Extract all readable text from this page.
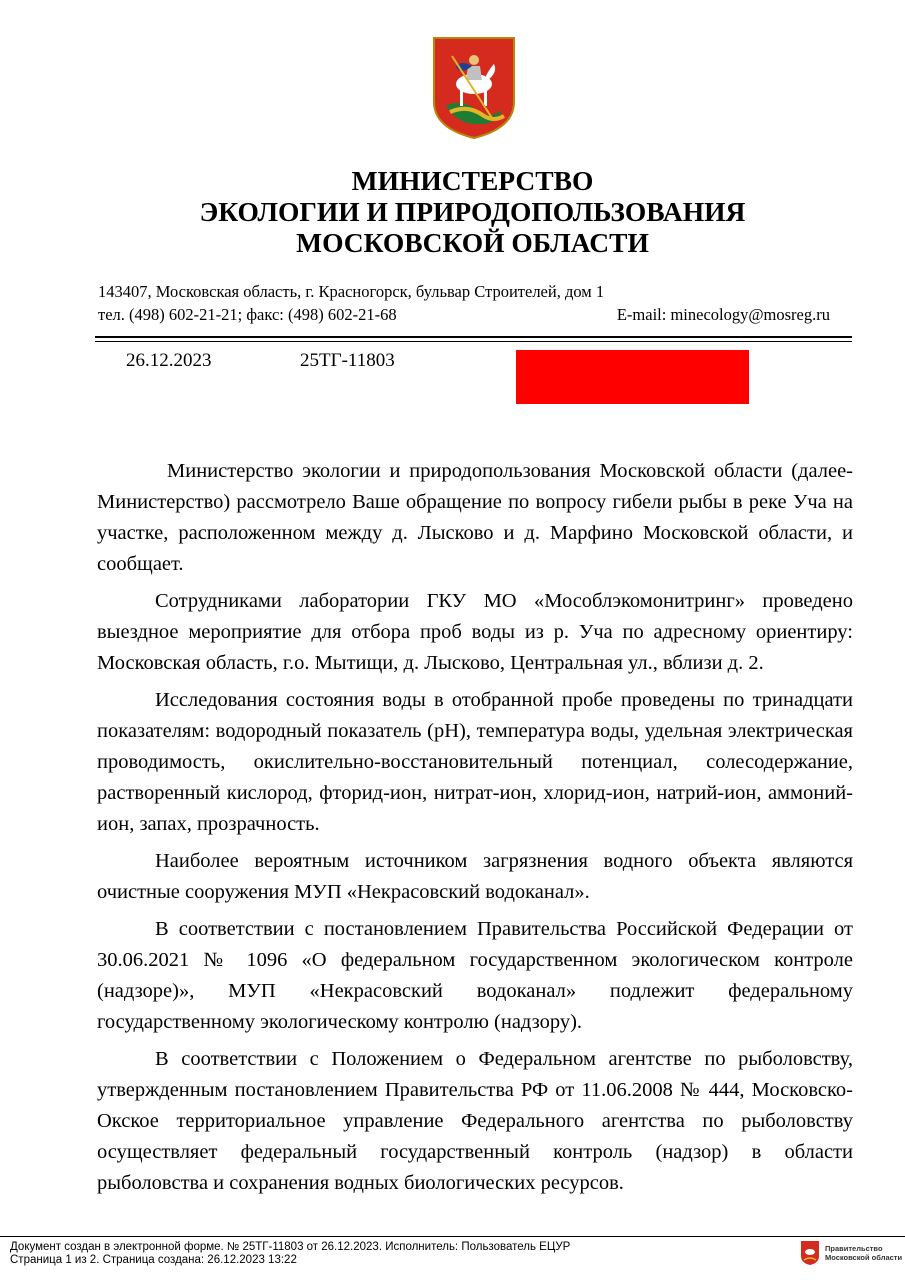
МИНИСТЕРСТВО
ЭКОЛОГИИ И ПРИРОДОПОЛЬЗОВАНИЯ
МОСКОВСКОЙ ОБЛАСТИ
143407, Московская область, г. Красногорск, бульвар Строителей, дом 1
тел. (498) 602-21-21; факс: (498) 602-21-68	E-mail: minecology@mosreg.ru
26.12.2023	25ТГ-11803

Министерство экологии и природопользования Московской области (далее-Министерство) рассмотрело Ваше обращение по вопросу гибели рыбы в реке Уча на участке, расположенном между д. Лысково и д. Марфино Московской области, и сообщает.

Сотрудниками лаборатории ГКУ МО «Мособлэкомонитринг» проведено выездное мероприятие для отбора проб воды из р. Уча по адресному ориентиру: Московская область, г.о. Мытищи, д. Лысково, Центральная ул., вблизи д. 2.

Исследования состояния воды в отобранной пробе проведены по тринадцати показателям: водородный показатель (pH), температура воды, удельная электрическая проводимость, окислительно-восстановительный потенциал, солесодержание, растворенный кислород, фторид-ион, нитрат-ион, хлорид-ион, натрий-ион, аммоний-ион, запах, прозрачность.

Наиболее вероятным источником загрязнения водного объекта являются очистные сооружения МУП «Некрасовский водоканал».

В соответствии с постановлением Правительства Российской Федерации от 30.06.2021 № 1096 «О федеральном государственном экологическом контроле (надзоре)», МУП «Некрасовский водоканал» подлежит федеральному государственному экологическому контролю (надзору).

В соответствии с Положением о Федеральном агентстве по рыболовству, утвержденным постановлением Правительства РФ от 11.06.2008 № 444, Московско-Окское территориальное управление Федерального агентства по рыболовству осуществляет федеральный государственный контроль (надзор) в области рыболовства и сохранения водных биологических ресурсов.

Документ создан в электронной форме. № 25ТГ-11803 от 26.12.2023. Исполнитель: Пользователь ЕЦУР
Страница 1 из 2. Страница создана: 26.12.2023 13:22
Правительство
Московской области
